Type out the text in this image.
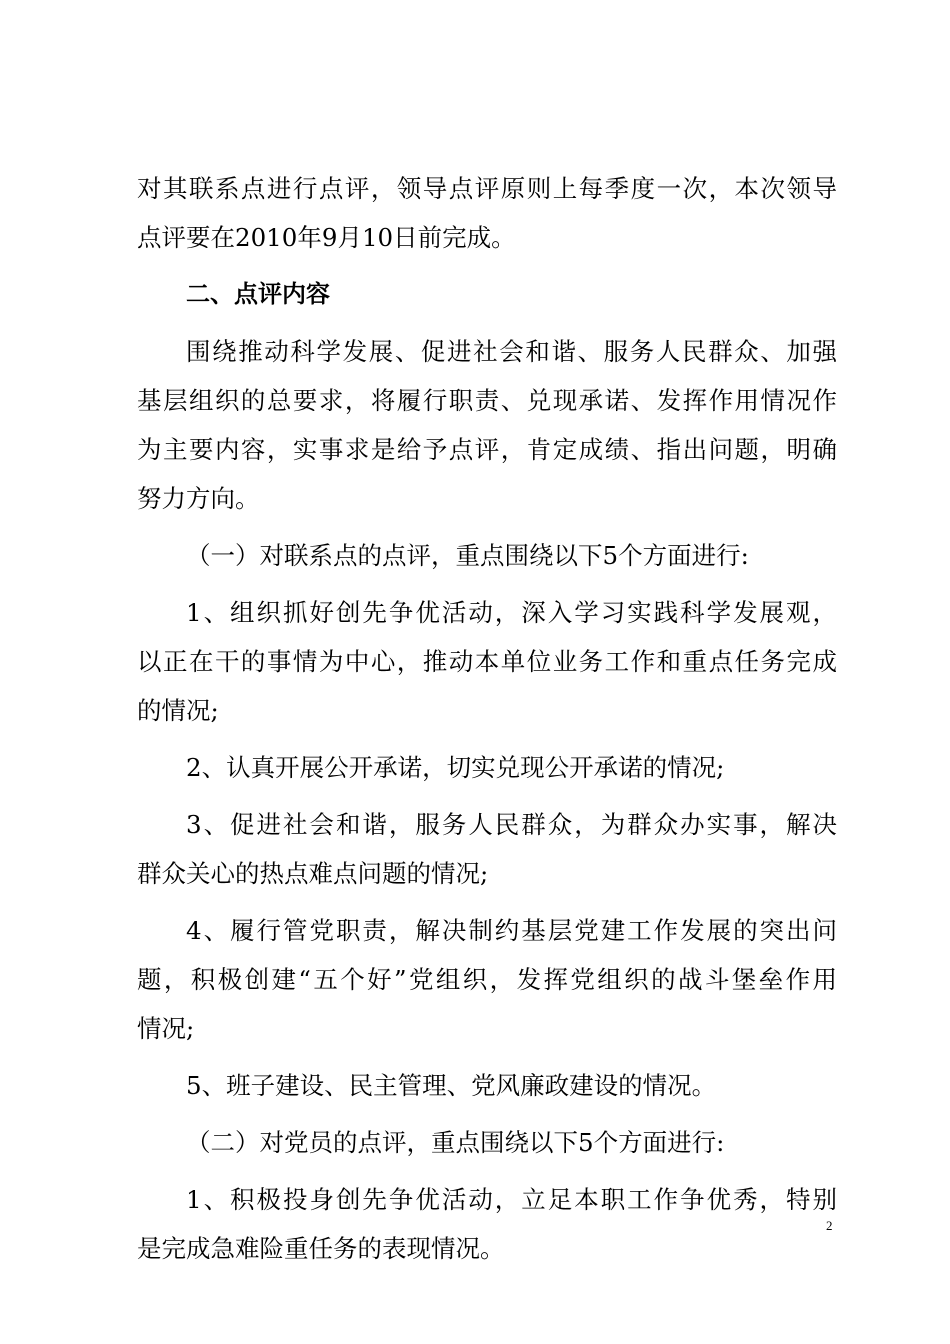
对其联系点进行点评，领导点评原则上每季度一次，本次领导
点评要在2010年9月10日前完成。
二、点评内容
围绕推动科学发展、促进社会和谐、服务人民群众、加强
基层组织的总要求，将履行职责、兑现承诺、发挥作用情况作
为主要内容，实事求是给予点评，肯定成绩、指出问题，明确
努力方向。
（一）对联系点的点评，重点围绕以下5个方面进行:
1、组织抓好创先争优活动，深入学习实践科学发展观，
以正在干的事情为中心，推动本单位业务工作和重点任务完成
的情况;
2、认真开展公开承诺，切实兑现公开承诺的情况;
3、促进社会和谐，服务人民群众，为群众办实事，解决
群众关心的热点难点问题的情况;
4、履行管党职责，解决制约基层党建工作发展的突出问
题，积极创建“五个好”党组织，发挥党组织的战斗堡垒作用
情况;
5、班子建设、民主管理、党风廉政建设的情况。
（二）对党员的点评，重点围绕以下5个方面进行:
1、积极投身创先争优活动，立足本职工作争优秀，特别
是完成急难险重任务的表现情况。
2
